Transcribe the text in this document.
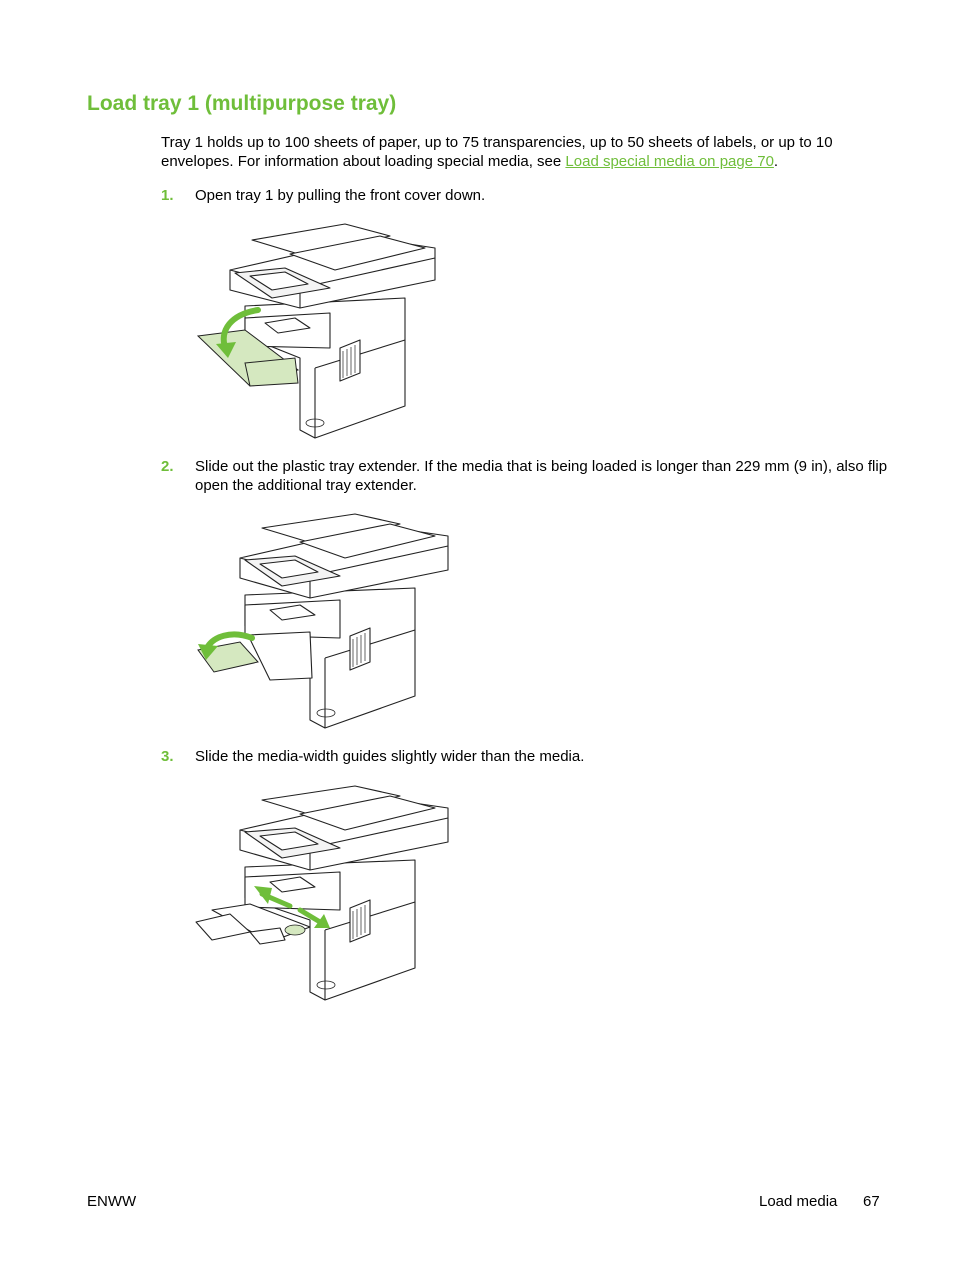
Load tray 1 (multipurpose tray)

Tray 1 holds up to 100 sheets of paper, up to 75 transparencies, up to 50 sheets of labels, or up to 10 envelopes. For information about loading special media, see Load special media on page 70.

1. Open tray 1 by pulling the front cover down.
2. Slide out the plastic tray extender. If the media that is being loaded is longer than 229 mm (9 in), also flip open the additional tray extender.
3. Slide the media-width guides slightly wider than the media.
ENWW	Load media 67
